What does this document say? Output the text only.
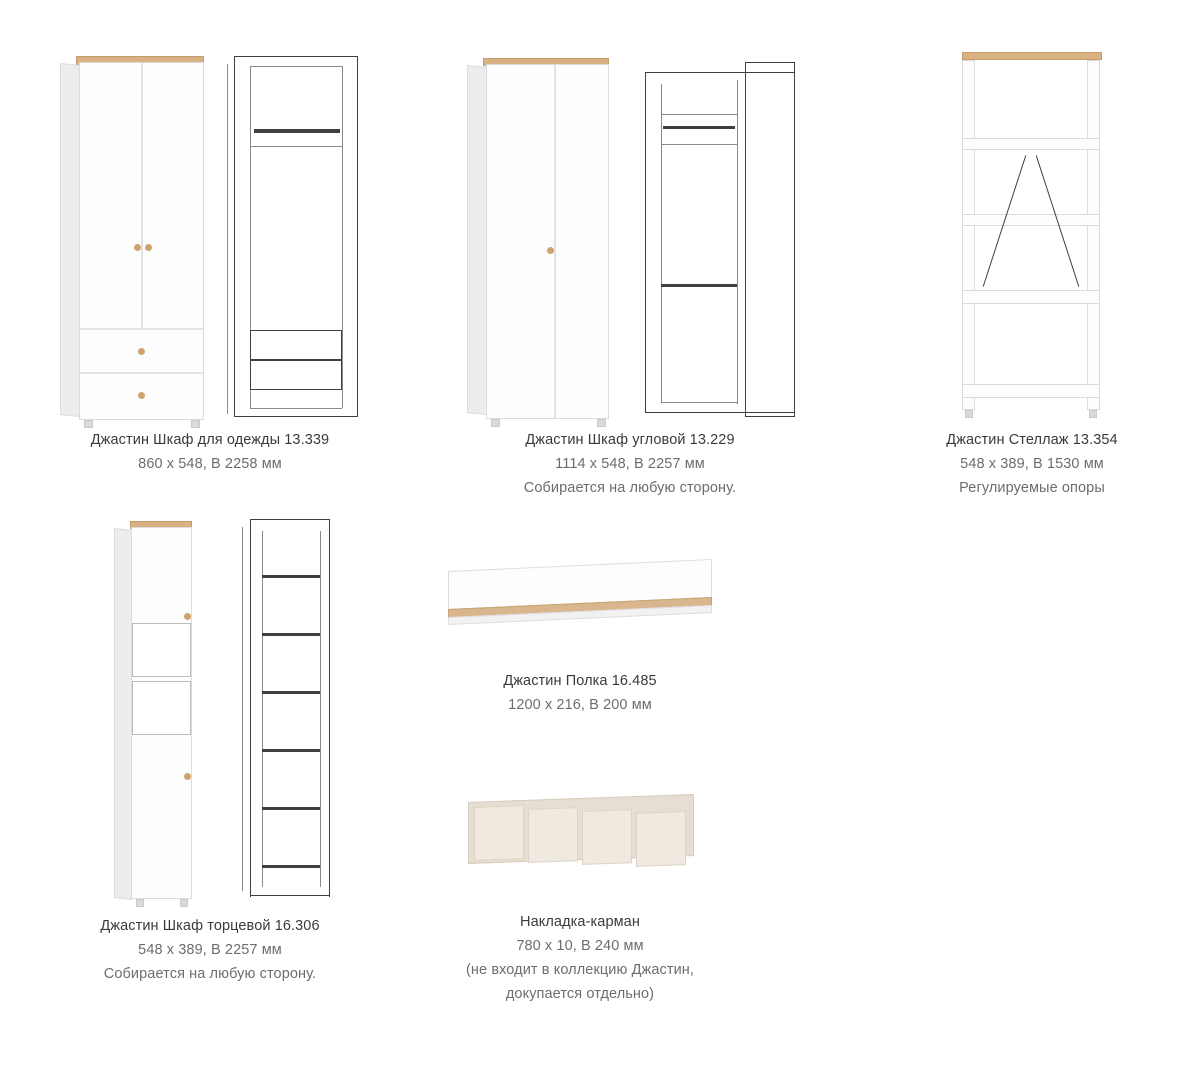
Джастин Шкаф для одежды 13.339
860 x 548, В 2258 мм
Джастин Шкаф угловой 13.229
1114 x 548, В 2257 мм
Собирается на любую сторону.
Джастин Стеллаж 13.354
548 x 389, В 1530 мм
Регулируемые опоры
Джастин Шкаф торцевой 16.306
548 x 389, В 2257 мм
Собирается на любую сторону.
Джастин Полка 16.485
1200 x 216, В 200 мм
Накладка-карман
780 x 10, В 240 мм
(не входит в коллекцию Джастин,
докупается отдельно)
